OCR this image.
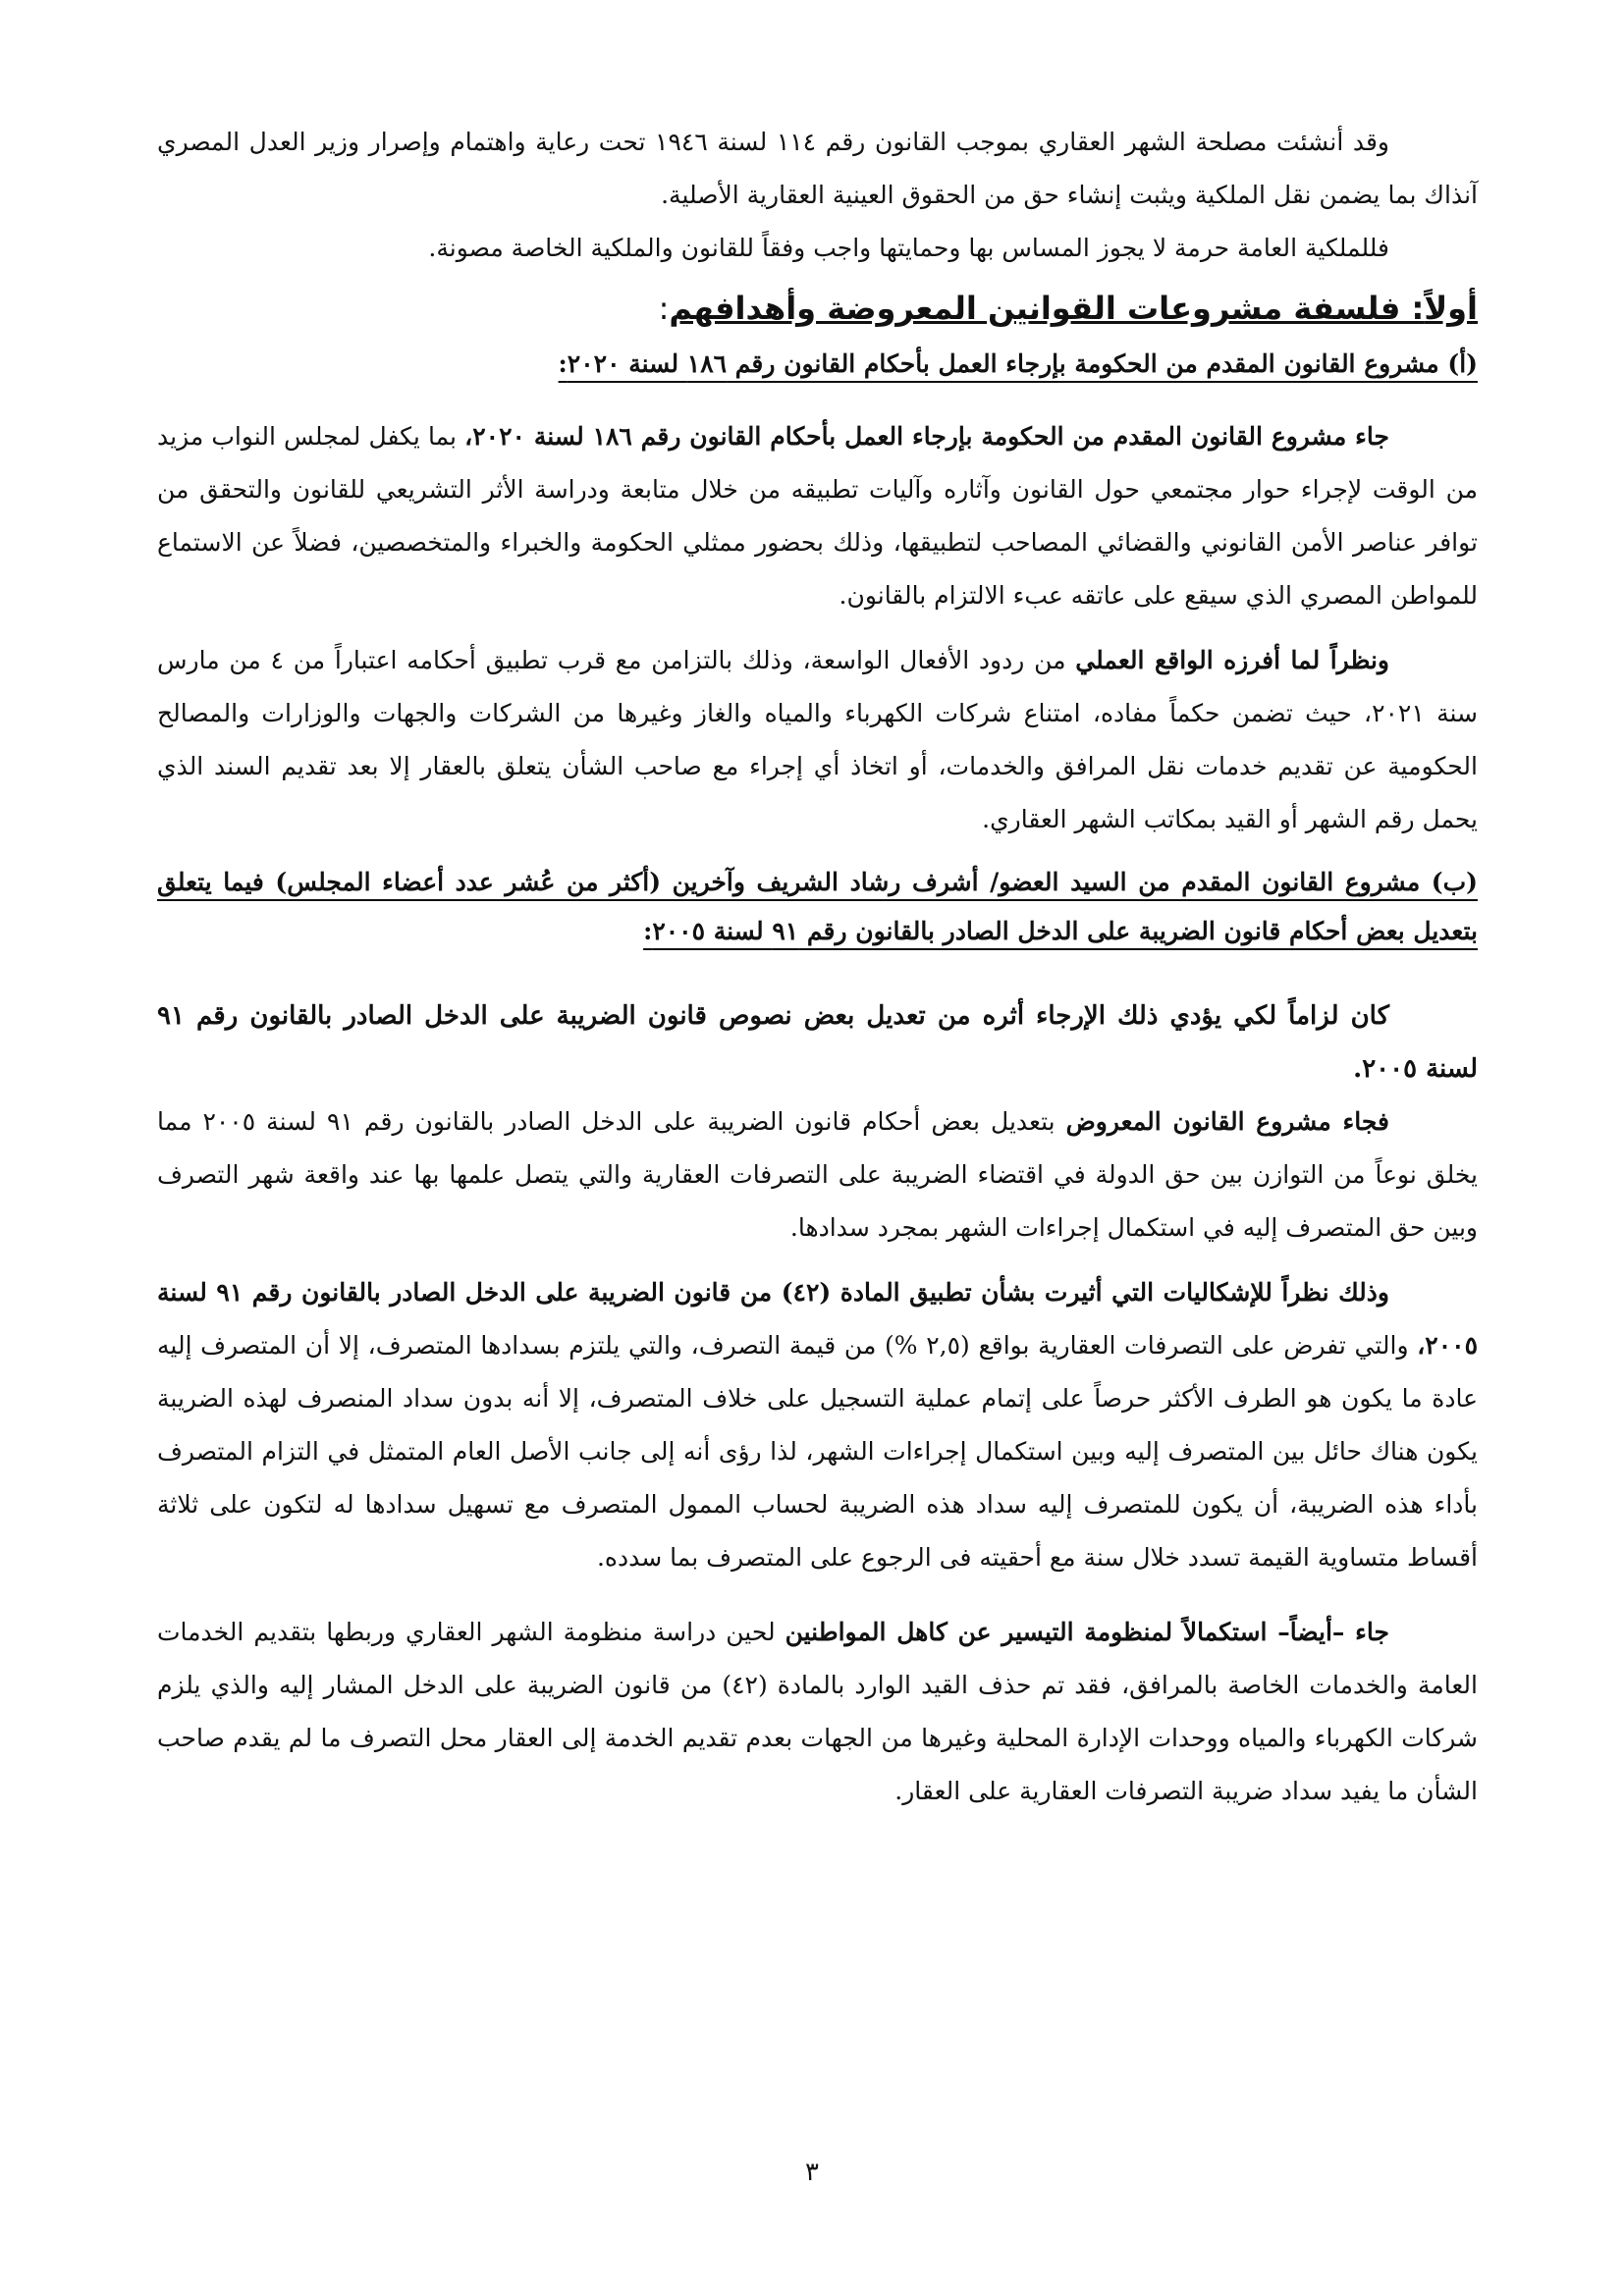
وقد أنشئت مصلحة الشهر العقاري بموجب القانون رقم ١١٤ لسنة ١٩٤٦ تحت رعاية واهتمام وإصرار وزير العدل المصري آنذاك بما يضمن نقل الملكية ويثبت إنشاء حق من الحقوق العينية العقارية الأصلية.

فللملكية العامة حرمة لا يجوز المساس بها وحمايتها واجب وفقاً للقانون والملكية الخاصة مصونة.

أولاً: فلسفة مشروعات القوانين المعروضة وأهدافهم:

(أ) مشروع القانون المقدم من الحكومة بإرجاء العمل بأحكام القانون رقم ١٨٦ لسنة ٢٠٢٠:

جاء مشروع القانون المقدم من الحكومة بإرجاء العمل بأحكام القانون رقم ١٨٦ لسنة ٢٠٢٠، بما يكفل لمجلس النواب مزيد من الوقت لإجراء حوار مجتمعي حول القانون وآثاره وآليات تطبيقه من خلال متابعة ودراسة الأثر التشريعي للقانون والتحقق من توافر عناصر الأمن القانوني والقضائي المصاحب لتطبيقها، وذلك بحضور ممثلي الحكومة والخبراء والمتخصصين، فضلاً عن الاستماع للمواطن المصري الذي سيقع على عاتقه عبء الالتزام بالقانون.

ونظراً لما أفرزه الواقع العملي من ردود الأفعال الواسعة، وذلك بالتزامن مع قرب تطبيق أحكامه اعتباراً من ٤ من مارس سنة ٢٠٢١، حيث تضمن حكماً مفاده، امتناع شركات الكهرباء والمياه والغاز وغيرها من الشركات والجهات والوزارات والمصالح الحكومية عن تقديم خدمات نقل المرافق والخدمات، أو اتخاذ أي إجراء مع صاحب الشأن يتعلق بالعقار إلا بعد تقديم السند الذي يحمل رقم الشهر أو القيد بمكاتب الشهر العقاري.

(ب) مشروع القانون المقدم من السيد العضو/ أشرف رشاد الشريف وآخرين (أكثر من عُشر عدد أعضاء المجلس) فيما يتعلق بتعديل بعض أحكام قانون الضريبة على الدخل الصادر بالقانون رقم ٩١ لسنة ٢٠٠٥:

كان لزاماً لكي يؤدي ذلك الإرجاء أثره من تعديل بعض نصوص قانون الضريبة على الدخل الصادر بالقانون رقم ٩١ لسنة ٢٠٠٥.

فجاء مشروع القانون المعروض بتعديل بعض أحكام قانون الضريبة على الدخل الصادر بالقانون رقم ٩١ لسنة ٢٠٠٥ مما يخلق نوعاً من التوازن بين حق الدولة في اقتضاء الضريبة على التصرفات العقارية والتي يتصل علمها بها عند واقعة شهر التصرف وبين حق المتصرف إليه في استكمال إجراءات الشهر بمجرد سدادها.

وذلك نظراً للإشكاليات التي أثيرت بشأن تطبيق المادة (٤٢) من قانون الضريبة على الدخل الصادر بالقانون رقم ٩١ لسنة ٢٠٠٥، والتي تفرض على التصرفات العقارية بواقع (٢,٥ %) من قيمة التصرف، والتي يلتزم بسدادها المتصرف، إلا أن المتصرف إليه عادة ما يكون هو الطرف الأكثر حرصاً على إتمام عملية التسجيل على خلاف المتصرف، إلا أنه بدون سداد المنصرف لهذه الضريبة يكون هناك حائل بين المتصرف إليه وبين استكمال إجراءات الشهر، لذا رؤى أنه إلى جانب الأصل العام المتمثل في التزام المتصرف بأداء هذه الضريبة، أن يكون للمتصرف إليه سداد هذه الضريبة لحساب الممول المتصرف مع تسهيل سدادها له لتكون على ثلاثة أقساط متساوية القيمة تسدد خلال سنة مع أحقيته فى الرجوع على المتصرف بما سدده.

جاء –أيضاً– استكمالاً لمنظومة التيسير عن كاهل المواطنين لحين دراسة منظومة الشهر العقاري وربطها بتقديم الخدمات العامة والخدمات الخاصة بالمرافق، فقد تم حذف القيد الوارد بالمادة (٤٢) من قانون الضريبة على الدخل المشار إليه والذي يلزم شركات الكهرباء والمياه ووحدات الإدارة المحلية وغيرها من الجهات بعدم تقديم الخدمة إلى العقار محل التصرف ما لم يقدم صاحب الشأن ما يفيد سداد ضريبة التصرفات العقارية على العقار.

٣
